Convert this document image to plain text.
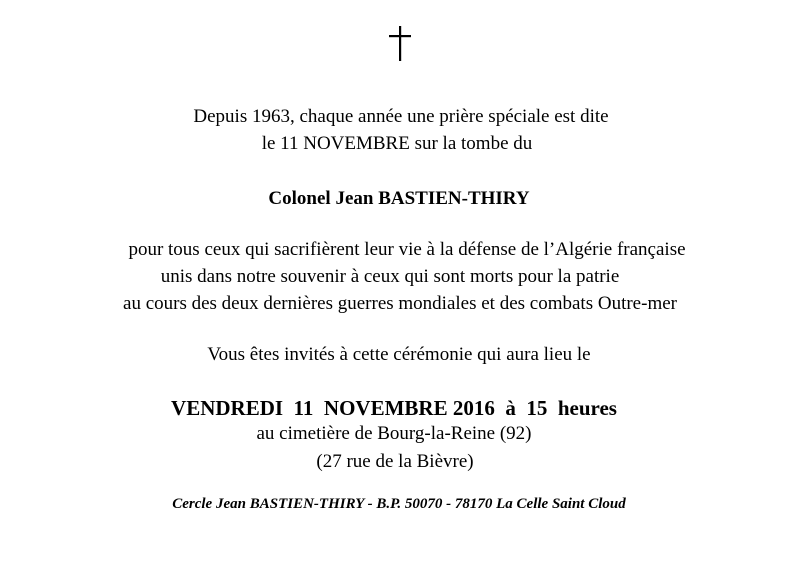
Depuis 1963, chaque année une prière spéciale est dite
le 11 NOVEMBRE sur la tombe du
Colonel Jean BASTIEN-THIRY
pour tous ceux qui sacrifièrent leur vie à la défense de l’Algérie française
unis dans notre souvenir à ceux qui sont morts pour la patrie
au cours des deux dernières guerres mondiales et des combats Outre-mer
Vous êtes invités à cette cérémonie qui aura lieu le
VENDREDI  11  NOVEMBRE 2016  à  15  heures
au cimetière de Bourg-la-Reine (92)
(27 rue de la Bièvre)
Cercle Jean BASTIEN-THIRY - B.P. 50070 - 78170 La Celle Saint Cloud
